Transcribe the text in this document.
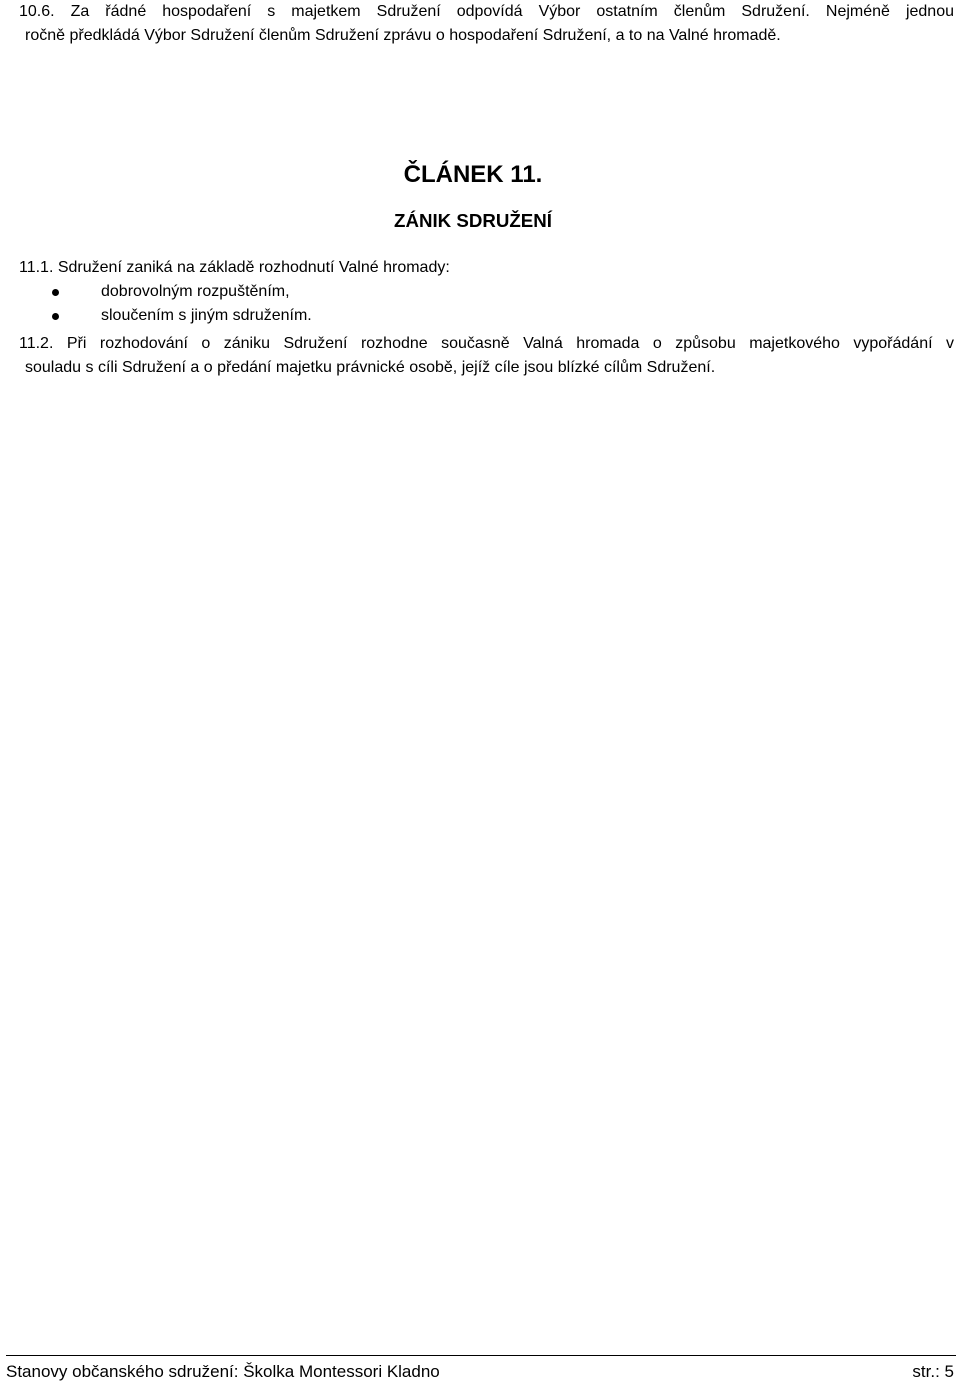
10.6. Za řádné hospodaření s majetkem Sdružení odpovídá Výbor ostatním členům Sdružení. Nejméně jednou
ročně předkládá Výbor Sdružení členům Sdružení zprávu o hospodaření Sdružení, a to na Valné hromadě.

ČLÁNEK 11.
ZÁNIK SDRUŽENÍ

11.1. Sdružení zaniká na základě rozhodnutí Valné hromady:

dobrovolným rozpuštěním,
sloučením s jiným sdružením.

11.2. Při rozhodování o zániku Sdružení rozhodne současně Valná hromada o způsobu majetkového vypořádání v
souladu s cíli Sdružení a o předání majetku právnické osobě, jejíž cíle jsou blízké cílům Sdružení.

Stanovy občanského sdružení: Školka Montessori Kladno	str.: 5
